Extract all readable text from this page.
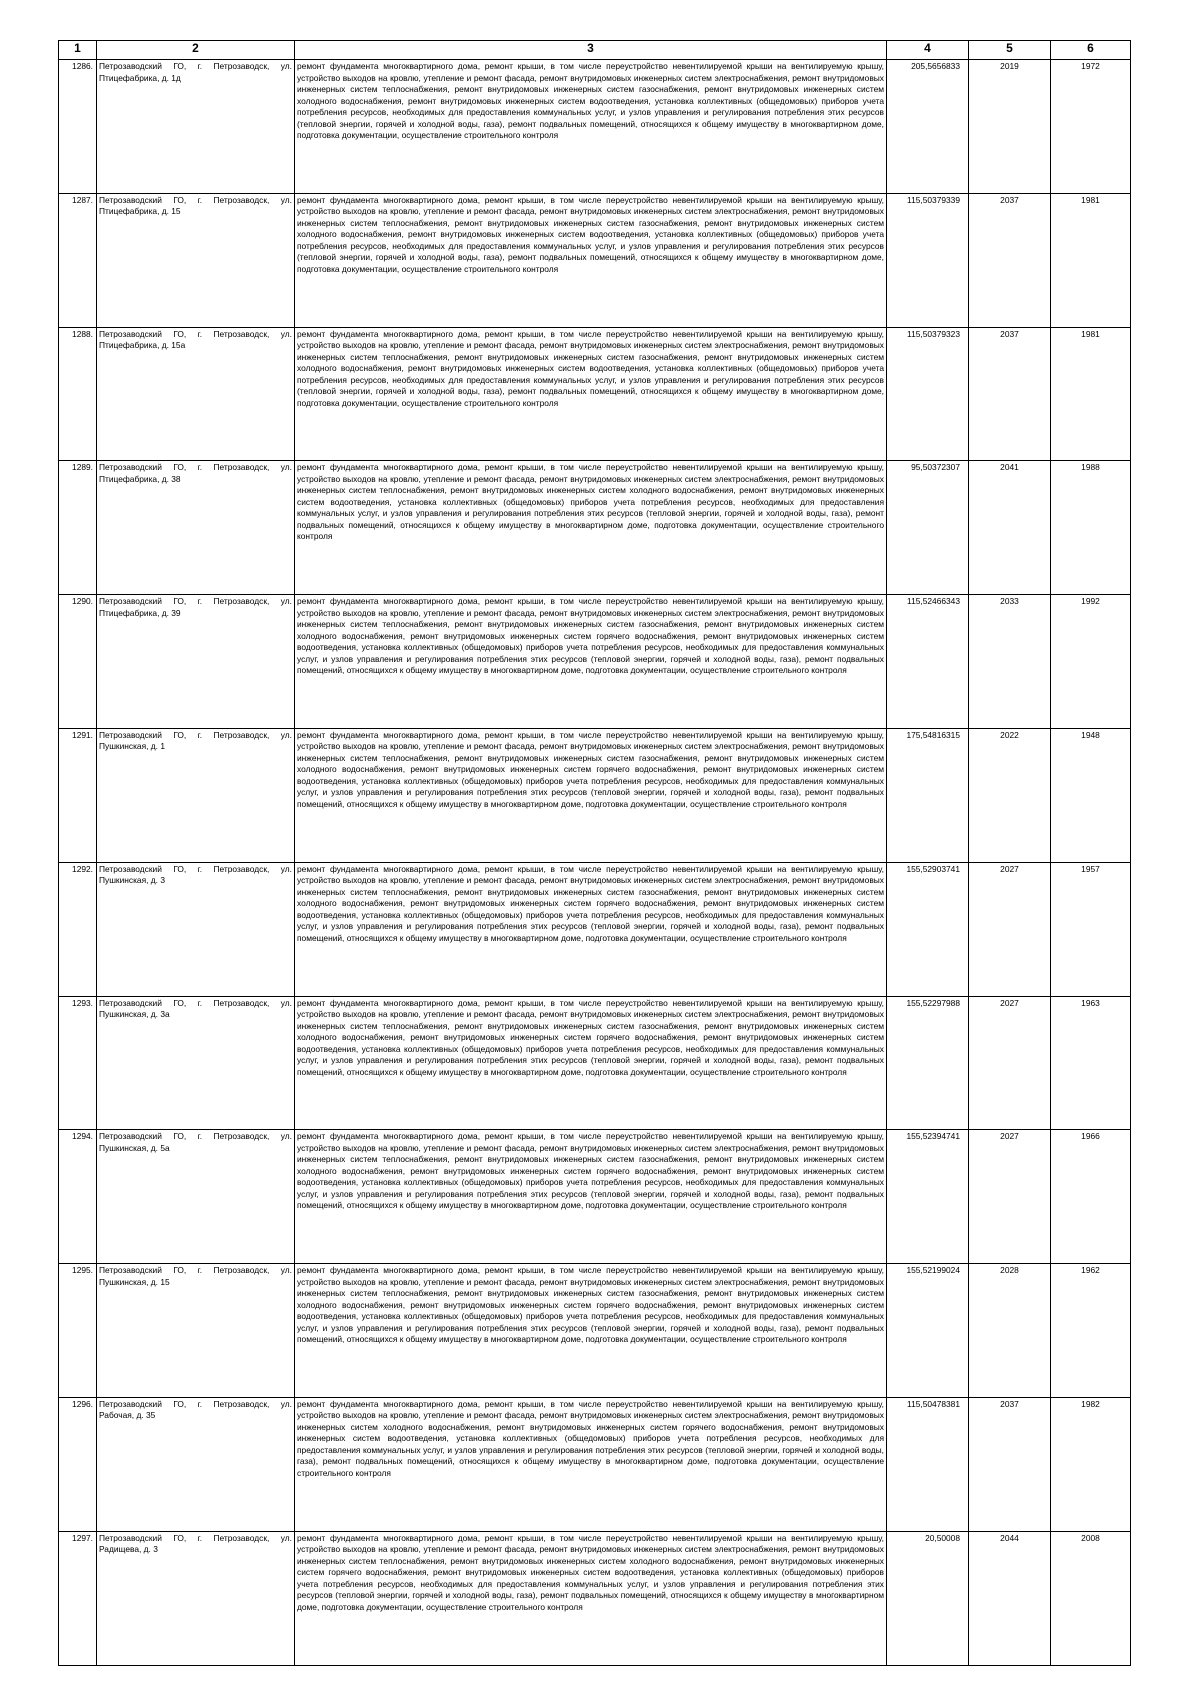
1	2	3	4	5	6
1286.	Петрозаводский ГО, г. Петрозаводск, ул. Птицефабрика, д. 1д	ремонт фундамента многоквартирного дома, ремонт крыши, в том числе переустройство невентилируемой крыши на вентилируемую крышу, устройство выходов на кровлю, утепление и ремонт фасада, ремонт внутридомовых инженерных систем электроснабжения, ремонт внутридомовых инженерных систем теплоснабжения, ремонт внутридомовых инженерных систем газоснабжения, ремонт внутридомовых инженерных систем холодного водоснабжения, ремонт внутридомовых инженерных систем водоотведения, установка коллективных (общедомовых) приборов учета потребления ресурсов, необходимых для предоставления коммунальных услуг, и узлов управления и регулирования потребления этих ресурсов (тепловой энергии, горячей и холодной воды, газа), ремонт подвальных помещений, относящихся к общему имуществу в многоквартирном доме, подготовка документации, осуществление строительного контроля	205,5656833	2019	1972
1287.	Петрозаводский ГО, г. Петрозаводск, ул. Птицефабрика, д. 15	ремонт фундамента многоквартирного дома, ремонт крыши, в том числе переустройство невентилируемой крыши на вентилируемую крышу, устройство выходов на кровлю, утепление и ремонт фасада, ремонт внутридомовых инженерных систем электроснабжения, ремонт внутридомовых инженерных систем теплоснабжения, ремонт внутридомовых инженерных систем газоснабжения, ремонт внутридомовых инженерных систем холодного водоснабжения, ремонт внутридомовых инженерных систем водоотведения, установка коллективных (общедомовых) приборов учета потребления ресурсов, необходимых для предоставления коммунальных услуг, и узлов управления и регулирования потребления этих ресурсов (тепловой энергии, горячей и холодной воды, газа), ремонт подвальных помещений, относящихся к общему имуществу в многоквартирном доме, подготовка документации, осуществление строительного контроля	115,50379339	2037	1981
1288.	Петрозаводский ГО, г. Петрозаводск, ул. Птицефабрика, д. 15а	ремонт фундамента многоквартирного дома, ремонт крыши, в том числе переустройство невентилируемой крыши на вентилируемую крышу, устройство выходов на кровлю, утепление и ремонт фасада, ремонт внутридомовых инженерных систем электроснабжения, ремонт внутридомовых инженерных систем теплоснабжения, ремонт внутридомовых инженерных систем газоснабжения, ремонт внутридомовых инженерных систем холодного водоснабжения, ремонт внутридомовых инженерных систем водоотведения, установка коллективных (общедомовых) приборов учета потребления ресурсов, необходимых для предоставления коммунальных услуг, и узлов управления и регулирования потребления этих ресурсов (тепловой энергии, горячей и холодной воды, газа), ремонт подвальных помещений, относящихся к общему имуществу в многоквартирном доме, подготовка документации, осуществление строительного контроля	115,50379323	2037	1981
1289.	Петрозаводский ГО, г. Петрозаводск, ул. Птицефабрика, д. 38	ремонт фундамента многоквартирного дома, ремонт крыши, в том числе переустройство невентилируемой крыши на вентилируемую крышу, устройство выходов на кровлю, утепление и ремонт фасада, ремонт внутридомовых инженерных систем электроснабжения, ремонт внутридомовых инженерных систем теплоснабжения, ремонт внутридомовых инженерных систем холодного водоснабжения, ремонт внутридомовых инженерных систем водоотведения, установка коллективных (общедомовых) приборов учета потребления ресурсов, необходимых для предоставления коммунальных услуг, и узлов управления и регулирования потребления этих ресурсов (тепловой энергии, горячей и холодной воды, газа), ремонт подвальных помещений, относящихся к общему имуществу в многоквартирном доме, подготовка документации, осуществление строительного контроля	95,50372307	2041	1988
1290.	Петрозаводский ГО, г. Петрозаводск, ул. Птицефабрика, д. 39	ремонт фундамента многоквартирного дома, ремонт крыши, в том числе переустройство невентилируемой крыши на вентилируемую крышу, устройство выходов на кровлю, утепление и ремонт фасада, ремонт внутридомовых инженерных систем электроснабжения, ремонт внутридомовых инженерных систем теплоснабжения, ремонт внутридомовых инженерных систем газоснабжения, ремонт внутридомовых инженерных систем холодного водоснабжения, ремонт внутридомовых инженерных систем горячего водоснабжения, ремонт внутридомовых инженерных систем водоотведения, установка коллективных (общедомовых) приборов учета потребления ресурсов, необходимых для предоставления коммунальных услуг, и узлов управления и регулирования потребления этих ресурсов (тепловой энергии, горячей и холодной воды, газа), ремонт подвальных помещений, относящихся к общему имуществу в многоквартирном доме, подготовка документации, осуществление строительного контроля	115,52466343	2033	1992
1291.	Петрозаводский ГО, г. Петрозаводск, ул. Пушкинская, д. 1	ремонт фундамента многоквартирного дома, ремонт крыши, в том числе переустройство невентилируемой крыши на вентилируемую крышу, устройство выходов на кровлю, утепление и ремонт фасада, ремонт внутридомовых инженерных систем электроснабжения, ремонт внутридомовых инженерных систем теплоснабжения, ремонт внутридомовых инженерных систем газоснабжения, ремонт внутридомовых инженерных систем холодного водоснабжения, ремонт внутридомовых инженерных систем горячего водоснабжения, ремонт внутридомовых инженерных систем водоотведения, установка коллективных (общедомовых) приборов учета потребления ресурсов, необходимых для предоставления коммунальных услуг, и узлов управления и регулирования потребления этих ресурсов (тепловой энергии, горячей и холодной воды, газа), ремонт подвальных помещений, относящихся к общему имуществу в многоквартирном доме, подготовка документации, осуществление строительного контроля	175,54816315	2022	1948
1292.	Петрозаводский ГО, г. Петрозаводск, ул. Пушкинская, д. 3	ремонт фундамента многоквартирного дома, ремонт крыши, в том числе переустройство невентилируемой крыши на вентилируемую крышу, устройство выходов на кровлю, утепление и ремонт фасада, ремонт внутридомовых инженерных систем электроснабжения, ремонт внутридомовых инженерных систем теплоснабжения, ремонт внутридомовых инженерных систем газоснабжения, ремонт внутридомовых инженерных систем холодного водоснабжения, ремонт внутридомовых инженерных систем горячего водоснабжения, ремонт внутридомовых инженерных систем водоотведения, установка коллективных (общедомовых) приборов учета потребления ресурсов, необходимых для предоставления коммунальных услуг, и узлов управления и регулирования потребления этих ресурсов (тепловой энергии, горячей и холодной воды, газа), ремонт подвальных помещений, относящихся к общему имуществу в многоквартирном доме, подготовка документации, осуществление строительного контроля	155,52903741	2027	1957
1293.	Петрозаводский ГО, г. Петрозаводск, ул. Пушкинская, д. 3а	ремонт фундамента многоквартирного дома, ремонт крыши, в том числе переустройство невентилируемой крыши на вентилируемую крышу, устройство выходов на кровлю, утепление и ремонт фасада, ремонт внутридомовых инженерных систем электроснабжения, ремонт внутридомовых инженерных систем теплоснабжения, ремонт внутридомовых инженерных систем газоснабжения, ремонт внутридомовых инженерных систем холодного водоснабжения, ремонт внутридомовых инженерных систем горячего водоснабжения, ремонт внутридомовых инженерных систем водоотведения, установка коллективных (общедомовых) приборов учета потребления ресурсов, необходимых для предоставления коммунальных услуг, и узлов управления и регулирования потребления этих ресурсов (тепловой энергии, горячей и холодной воды, газа), ремонт подвальных помещений, относящихся к общему имуществу в многоквартирном доме, подготовка документации, осуществление строительного контроля	155,52297988	2027	1963
1294.	Петрозаводский ГО, г. Петрозаводск, ул. Пушкинская, д. 5а	ремонт фундамента многоквартирного дома, ремонт крыши, в том числе переустройство невентилируемой крыши на вентилируемую крышу, устройство выходов на кровлю, утепление и ремонт фасада, ремонт внутридомовых инженерных систем электроснабжения, ремонт внутридомовых инженерных систем теплоснабжения, ремонт внутридомовых инженерных систем газоснабжения, ремонт внутридомовых инженерных систем холодного водоснабжения, ремонт внутридомовых инженерных систем горячего водоснабжения, ремонт внутридомовых инженерных систем водоотведения, установка коллективных (общедомовых) приборов учета потребления ресурсов, необходимых для предоставления коммунальных услуг, и узлов управления и регулирования потребления этих ресурсов (тепловой энергии, горячей и холодной воды, газа), ремонт подвальных помещений, относящихся к общему имуществу в многоквартирном доме, подготовка документации, осуществление строительного контроля	155,52394741	2027	1966
1295.	Петрозаводский ГО, г. Петрозаводск, ул. Пушкинская, д. 15	ремонт фундамента многоквартирного дома, ремонт крыши, в том числе переустройство невентилируемой крыши на вентилируемую крышу, устройство выходов на кровлю, утепление и ремонт фасада, ремонт внутридомовых инженерных систем электроснабжения, ремонт внутридомовых инженерных систем теплоснабжения, ремонт внутридомовых инженерных систем газоснабжения, ремонт внутридомовых инженерных систем холодного водоснабжения, ремонт внутридомовых инженерных систем горячего водоснабжения, ремонт внутридомовых инженерных систем водоотведения, установка коллективных (общедомовых) приборов учета потребления ресурсов, необходимых для предоставления коммунальных услуг, и узлов управления и регулирования потребления этих ресурсов (тепловой энергии, горячей и холодной воды, газа), ремонт подвальных помещений, относящихся к общему имуществу в многоквартирном доме, подготовка документации, осуществление строительного контроля	155,52199024	2028	1962
1296.	Петрозаводский ГО, г. Петрозаводск, ул. Рабочая, д. 35	ремонт фундамента многоквартирного дома, ремонт крыши, в том числе переустройство невентилируемой крыши на вентилируемую крышу, устройство выходов на кровлю, утепление и ремонт фасада, ремонт внутридомовых инженерных систем электроснабжения, ремонт внутридомовых инженерных систем холодного водоснабжения, ремонт внутридомовых инженерных систем горячего водоснабжения, ремонт внутридомовых инженерных систем водоотведения, установка коллективных (общедомовых) приборов учета потребления ресурсов, необходимых для предоставления коммунальных услуг, и узлов управления и регулирования потребления этих ресурсов (тепловой энергии, горячей и холодной воды, газа), ремонт подвальных помещений, относящихся к общему имуществу в многоквартирном доме, подготовка документации, осуществление строительного контроля	115,50478381	2037	1982
1297.	Петрозаводский ГО, г. Петрозаводск, ул. Радищева, д. 3	ремонт фундамента многоквартирного дома, ремонт крыши, в том числе переустройство невентилируемой крыши на вентилируемую крышу, устройство выходов на кровлю, утепление и ремонт фасада, ремонт внутридомовых инженерных систем электроснабжения, ремонт внутридомовых инженерных систем теплоснабжения, ремонт внутридомовых инженерных систем холодного водоснабжения, ремонт внутридомовых инженерных систем горячего водоснабжения, ремонт внутридомовых инженерных систем водоотведения, установка коллективных (общедомовых) приборов учета потребления ресурсов, необходимых для предоставления коммунальных услуг, и узлов управления и регулирования потребления этих ресурсов (тепловой энергии, горячей и холодной воды, газа), ремонт подвальных помещений, относящихся к общему имуществу в многоквартирном доме, подготовка документации, осуществление строительного контроля	20,50008	2044	2008
